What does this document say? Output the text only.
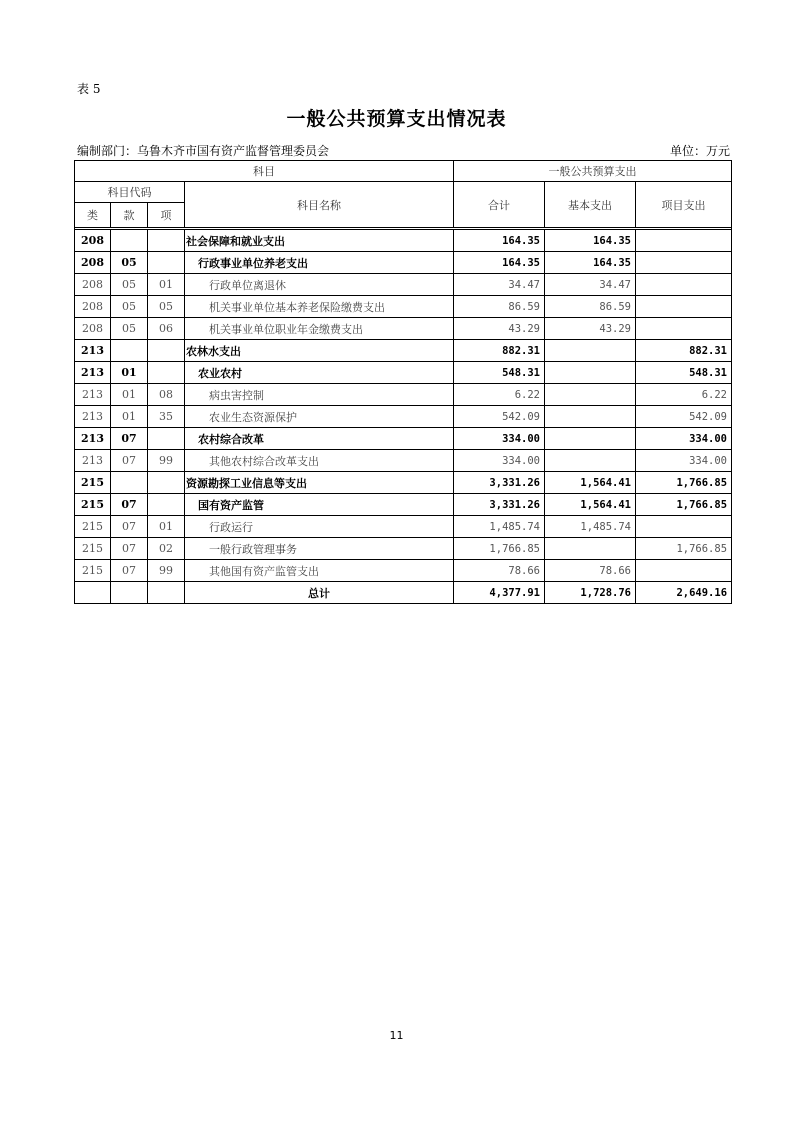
表 5
一般公共预算支出情况表
编制部门：乌鲁木齐市国有资产监督管理委员会	单位：万元
科目				一般公共预算支出		
科目代码			科目名称	合计	基本支出	项目支出
类	款	项				

208			社会保障和就业支出	164.35	164.35	
208	05		行政事业单位养老支出	164.35	164.35	
208	05	01	行政单位离退休	34.47	34.47	
208	05	05	机关事业单位基本养老保险缴费支出	86.59	86.59	
208	05	06	机关事业单位职业年金缴费支出	43.29	43.29	
213			农林水支出	882.31		882.31
213	01		农业农村	548.31		548.31
213	01	08	病虫害控制	6.22		6.22
213	01	35	农业生态资源保护	542.09		542.09
213	07		农村综合改革	334.00		334.00
213	07	99	其他农村综合改革支出	334.00		334.00
215			资源勘探工业信息等支出	3,331.26	1,564.41	1,766.85
215	07		国有资产监管	3,331.26	1,564.41	1,766.85
215	07	01	行政运行	1,485.74	1,485.74	
215	07	02	一般行政管理事务	1,766.85		1,766.85
215	07	99	其他国有资产监管支出	78.66	78.66	
			总计	4,377.91	1,728.76	2,649.16
11
